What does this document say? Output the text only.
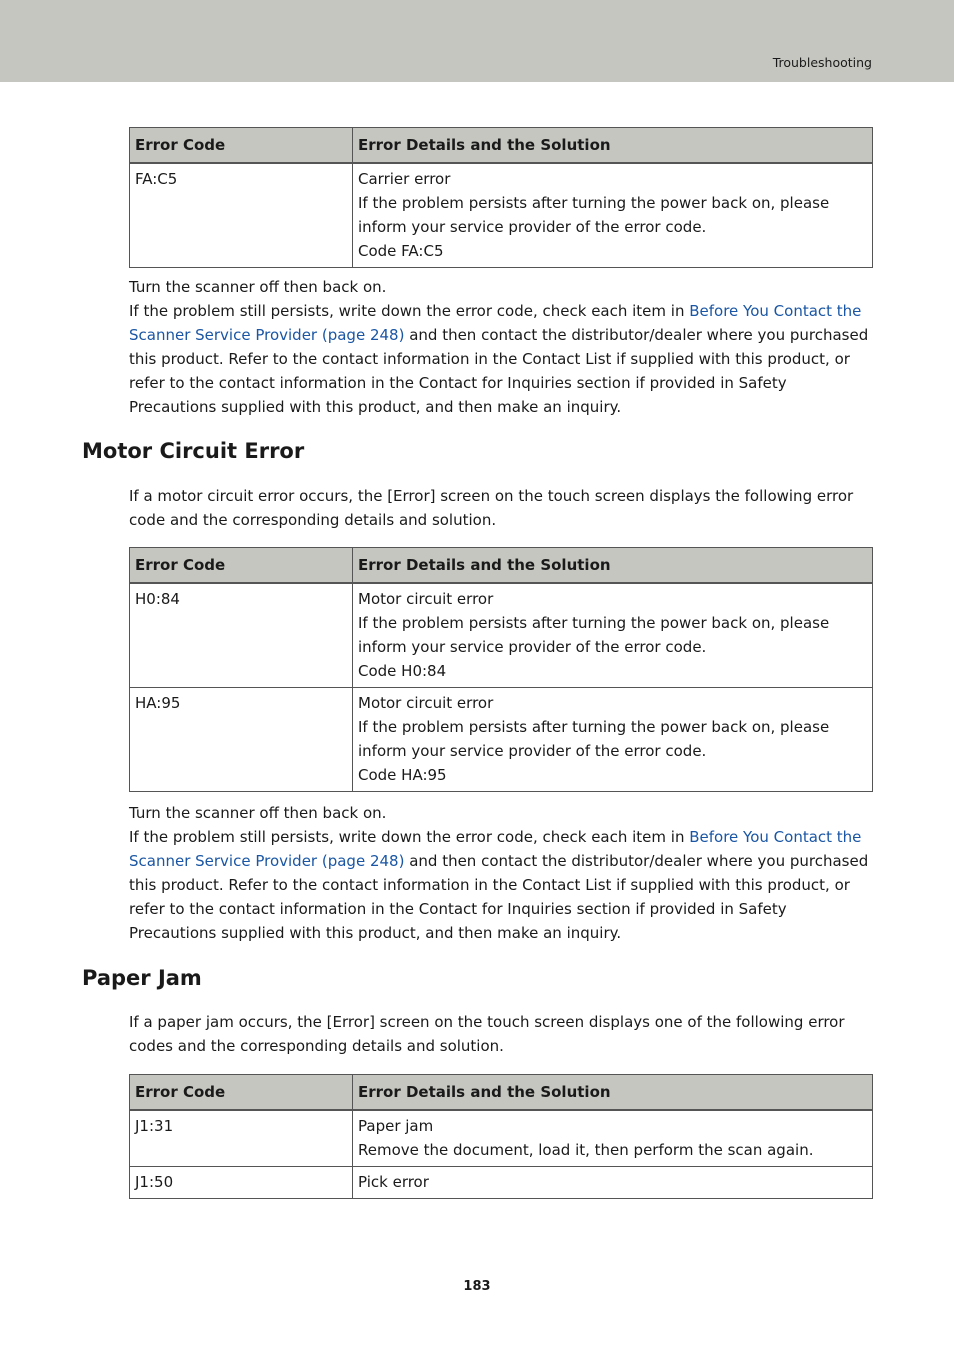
Troubleshooting
Error Code	Error Details and the Solution
FA:C5	Carrier error
If the problem persists after turning the power back on, please inform your service provider of the error code.
Code FA:C5

Turn the scanner off then back on.

If the problem still persists, write down the error code, check each item in Before You Contact the Scanner Service Provider (page 248) and then contact the distributor/dealer where you purchased this product. Refer to the contact information in the Contact List if supplied with this product, or refer to the contact information in the Contact for Inquiries section if provided in Safety Precautions supplied with this product, and then make an inquiry.

Motor Circuit Error

If a motor circuit error occurs, the [Error] screen on the touch screen displays the following error code and the corresponding details and solution.

Error Code	Error Details and the Solution
H0:84	Motor circuit error
If the problem persists after turning the power back on, please inform your service provider of the error code.
Code H0:84

HA:95	Motor circuit error
If the problem persists after turning the power back on, please inform your service provider of the error code.
Code HA:95

Turn the scanner off then back on.

If the problem still persists, write down the error code, check each item in Before You Contact the Scanner Service Provider (page 248) and then contact the distributor/dealer where you purchased this product. Refer to the contact information in the Contact List if supplied with this product, or refer to the contact information in the Contact for Inquiries section if provided in Safety Precautions supplied with this product, and then make an inquiry.

Paper Jam

If a paper jam occurs, the [Error] screen on the touch screen displays one of the following error codes and the corresponding details and solution.

Error Code	Error Details and the Solution
J1:31	Paper jam
Remove the document, load it, then perform the scan again.

J1:50	Pick error
183
